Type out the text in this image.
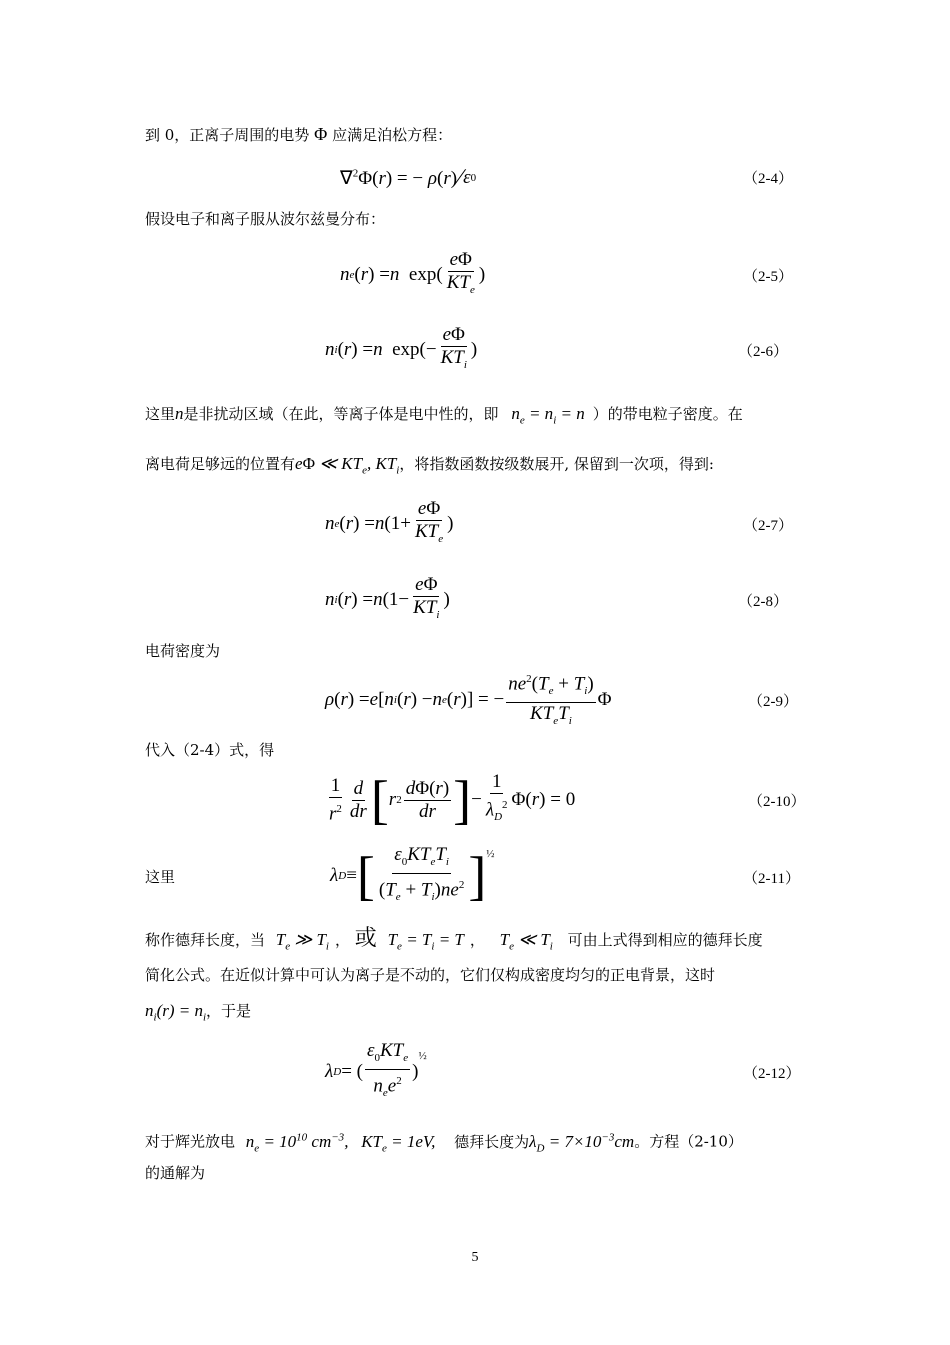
到 0，正离子周围的电势 Φ 应满足泊松方程：
∇$^2$Φ(r) = − ρ(r) ∕ ε 0	（2-4）
假设电子和离子服从波尔兹曼分布：
n e ( r ) = n $\exp( \frac{e\Phi}{KT_e}$ )	（2-5）
n i ( r ) = n $\exp(- \frac{e\Phi}{KT_i}$ )	（2-6）
这里n是非扰动区域（在此，等离子体是电中性的，即 $n_e = n_i = n$ ）的带电粒子密度。在
离电荷足够远的位置有eΦ ≪ $KT_e$, $KT_i$，将指数函数按级数展开, 保留到一次项，得到:
n e ( r ) = n ($1+ \frac{e\Phi}{KT_e}$ )	（2-7）
n i ( r ) = n ($1- \frac{e\Phi}{KT_i}$ )	（2-8）
电荷密度为
ρ ( r ) = e [ n i ( r ) − n e ( r )] = − $\frac{ne^2(T_e + T_i)}{KT_eT_i}$ Φ	（2-9）
代入（2-4）式，得
$\frac{1}{r^2} \frac{d}{dr}$ [ r $2 \frac{d\Phi(r)}{dr}$ ] − $\frac{1}{\lambda_D^2} \Phi$( r ) = 0	（2-10）
这里	λ D ≡ [ $\frac{\varepsilon_0KT_eT_i}{(T_e + T_i)ne^2} ]^{\frac{1}{2}}$
（2-11）
称作德拜长度，当 $T_e$ ≫ $T_i$ ， 或 $T_e = T_i = T$ ， $T_e$ ≪ $T_i$ 可由上式得到相应的德拜长度
简化公式。在近似计算中可认为离子是不动的，它们仅构成密度均匀的正电背景，这时
$n_i(r) = n_i$，于是
λ D = ( $\frac{\varepsilon_0KT_e}{n_ee^2}$ )
$^{\frac{1}{2}}$
（2-12）
对于辉光放电 $n_e = 10^{10}$ $cm^{-3}$,   $KT_e = 1eV$, 德拜长度为$\lambda_D = 7\times 10^{-3}cm$。方程（2-10）
的通解为
5
